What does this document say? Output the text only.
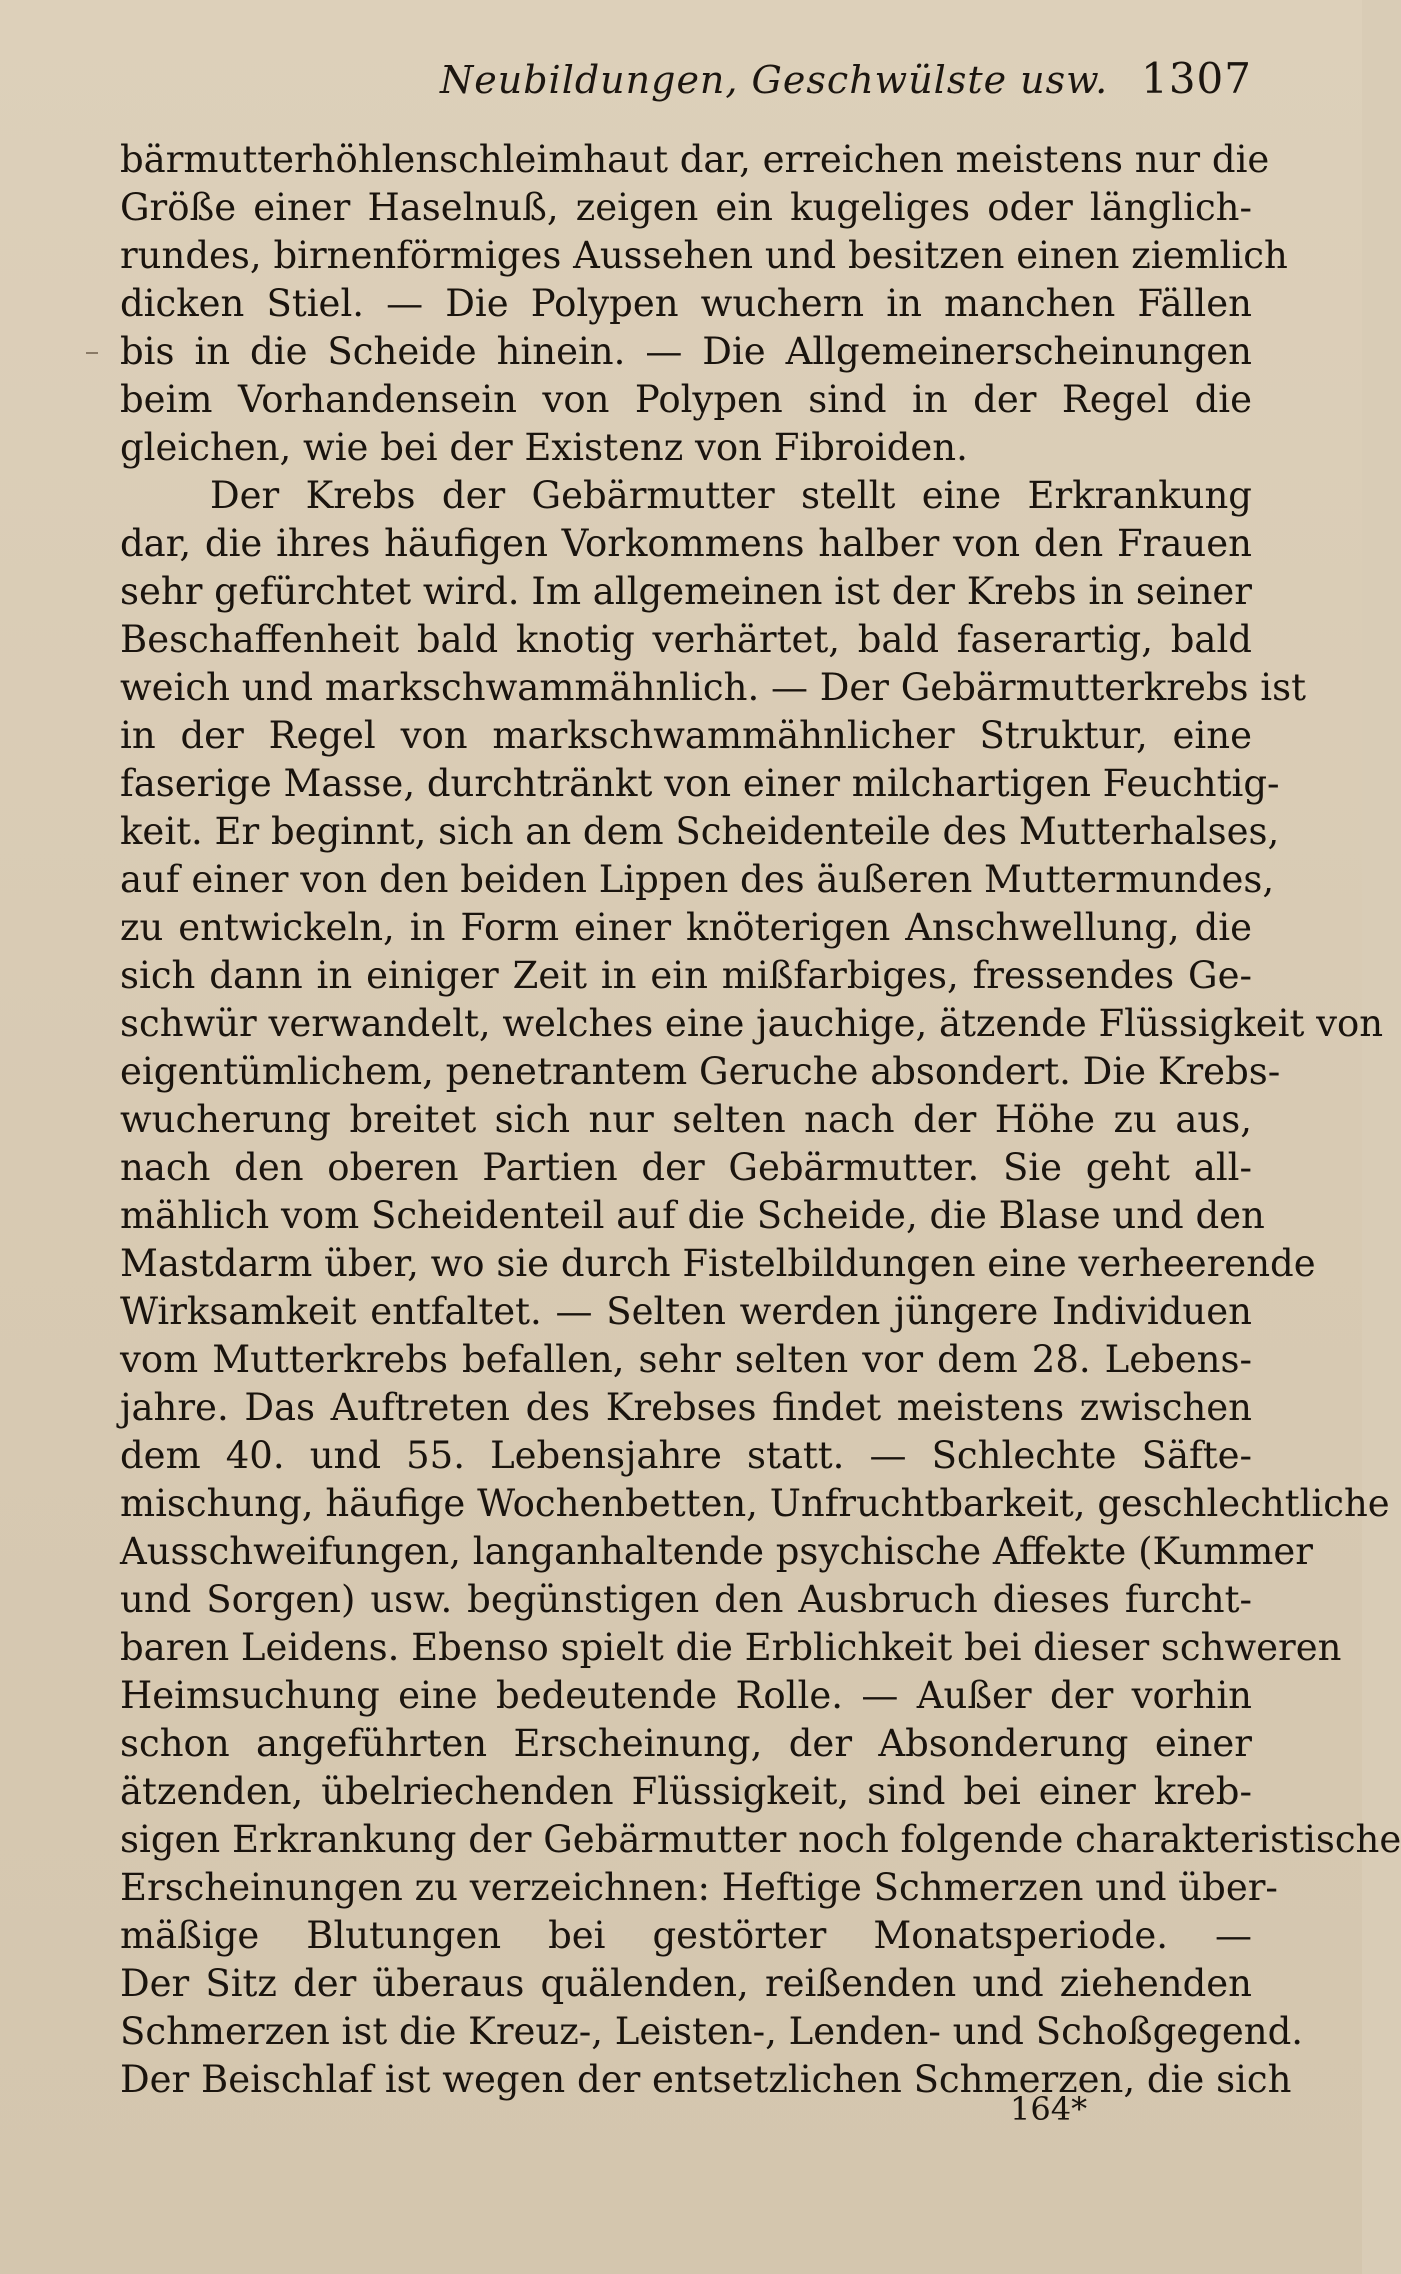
Neubildungen, Geschwülste usw. 1307
bärmutterhöhlenschleimhaut dar, erreichen meistens nur die
Größe einer Haselnuß, zeigen ein kugeliges oder länglich-
rundes, birnenförmiges Aussehen und besitzen einen ziemlich
dicken Stiel. — Die Polypen wuchern in manchen Fällen
bis in die Scheide hinein. — Die Allgemeinerscheinungen
beim Vorhandensein von Polypen sind in der Regel die
gleichen, wie bei der Existenz von Fibroiden.
Der Krebs der Gebärmutter stellt eine Erkrankung
dar, die ihres häufigen Vorkommens halber von den Frauen
sehr gefürchtet wird. Im allgemeinen ist der Krebs in seiner
Beschaffenheit bald knotig verhärtet, bald faserartig, bald
weich und markschwammähnlich. — Der Gebärmutterkrebs ist
in der Regel von markschwammähnlicher Struktur, eine
faserige Masse, durchtränkt von einer milchartigen Feuchtig-
keit. Er beginnt, sich an dem Scheidenteile des Mutterhalses,
auf einer von den beiden Lippen des äußeren Muttermundes,
zu entwickeln, in Form einer knöterigen Anschwellung, die
sich dann in einiger Zeit in ein mißfarbiges, fressendes Ge-
schwür verwandelt, welches eine jauchige, ätzende Flüssigkeit von
eigentümlichem, penetrantem Geruche absondert. Die Krebs-
wucherung breitet sich nur selten nach der Höhe zu aus,
nach den oberen Partien der Gebärmutter. Sie geht all-
mählich vom Scheidenteil auf die Scheide, die Blase und den
Mastdarm über, wo sie durch Fistelbildungen eine verheerende
Wirksamkeit entfaltet. — Selten werden jüngere Individuen
vom Mutterkrebs befallen, sehr selten vor dem 28. Lebens-
jahre. Das Auftreten des Krebses findet meistens zwischen
dem 40. und 55. Lebensjahre statt. — Schlechte Säfte-
mischung, häufige Wochenbetten, Unfruchtbarkeit, geschlechtliche
Ausschweifungen, langanhaltende psychische Affekte (Kummer
und Sorgen) usw. begünstigen den Ausbruch dieses furcht-
baren Leidens. Ebenso spielt die Erblichkeit bei dieser schweren
Heimsuchung eine bedeutende Rolle. — Außer der vorhin
schon angeführten Erscheinung, der Absonderung einer
ätzenden, übelriechenden Flüssigkeit, sind bei einer kreb-
sigen Erkrankung der Gebärmutter noch folgende charakteristische
Erscheinungen zu verzeichnen: Heftige Schmerzen und über-
mäßige Blutungen bei gestörter Monatsperiode. —
Der Sitz der überaus quälenden, reißenden und ziehenden
Schmerzen ist die Kreuz-, Leisten-, Lenden- und Schoßgegend.
Der Beischlaf ist wegen der entsetzlichen Schmerzen, die sich
164*
